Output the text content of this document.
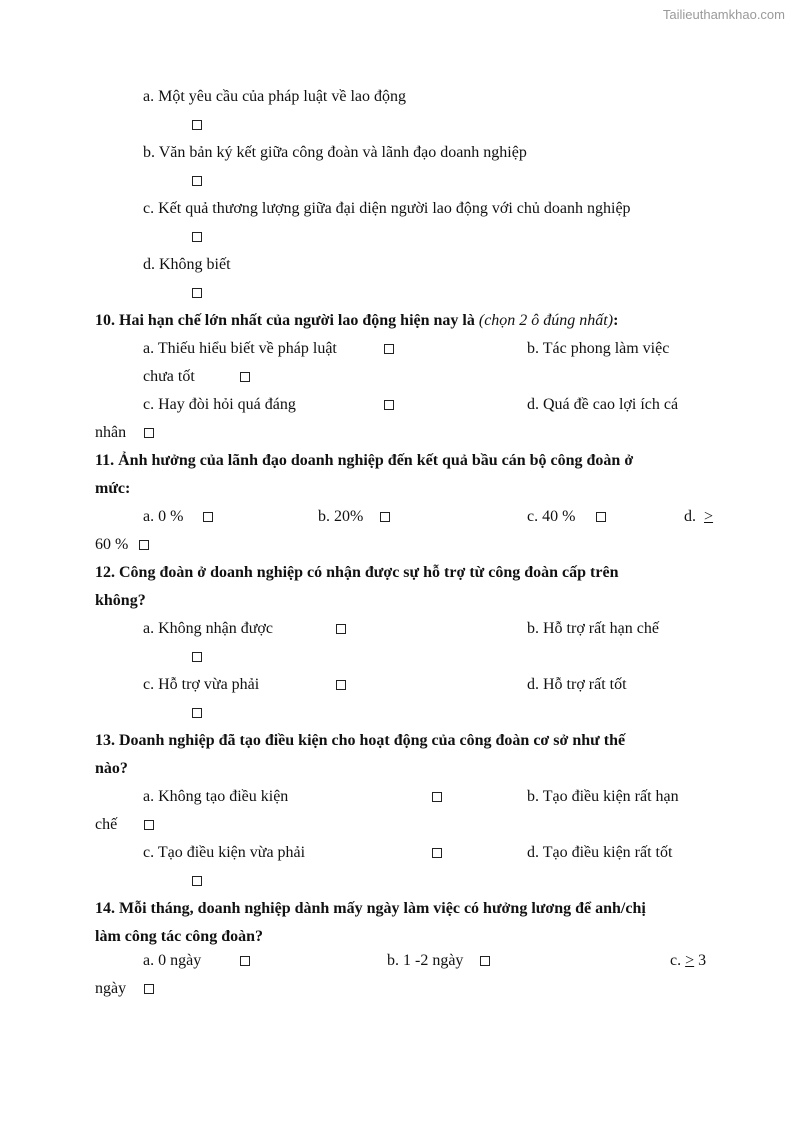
Tailieuthamkhao.com
a. Một yêu cầu của pháp luật về lao động
b. Văn bản ký kết giữa công đoàn và lãnh đạo doanh nghiệp
c. Kết quả thương lượng giữa đại diện người lao động với chủ doanh nghiệp
d. Không biết
10. Hai hạn chế lớn nhất của người lao động hiện nay là (chọn 2 ô đúng nhất):
a. Thiếu hiểu biết về pháp luật	b. Tác phong làm việc
chưa tốt
c. Hay đòi hỏi quá đáng	d. Quá đề cao lợi ích cá
nhân
11. Ảnh hưởng của lãnh đạo doanh nghiệp đến kết quả bầu cán bộ công đoàn ở
mức:
a. 0 %	b. 20%	c. 40 %	d. >
60 %
12. Công đoàn ở doanh nghiệp có nhận được sự hỗ trợ từ công đoàn cấp trên
không?
a. Không nhận được	b. Hỗ trợ rất hạn chế
c. Hỗ trợ vừa phải	d. Hỗ trợ rất tốt
13. Doanh nghiệp đã tạo điều kiện cho hoạt động của công đoàn cơ sở như thế
nào?
a. Không tạo điều kiện	b. Tạo điều kiện rất hạn
chế
c. Tạo điều kiện vừa phải	d. Tạo điều kiện rất tốt
14. Mỗi tháng, doanh nghiệp dành mấy ngày làm việc có hưởng lương để anh/chị
làm công tác công đoàn?
a. 0 ngày	b. 1 -2 ngày	c. > 3
ngày
